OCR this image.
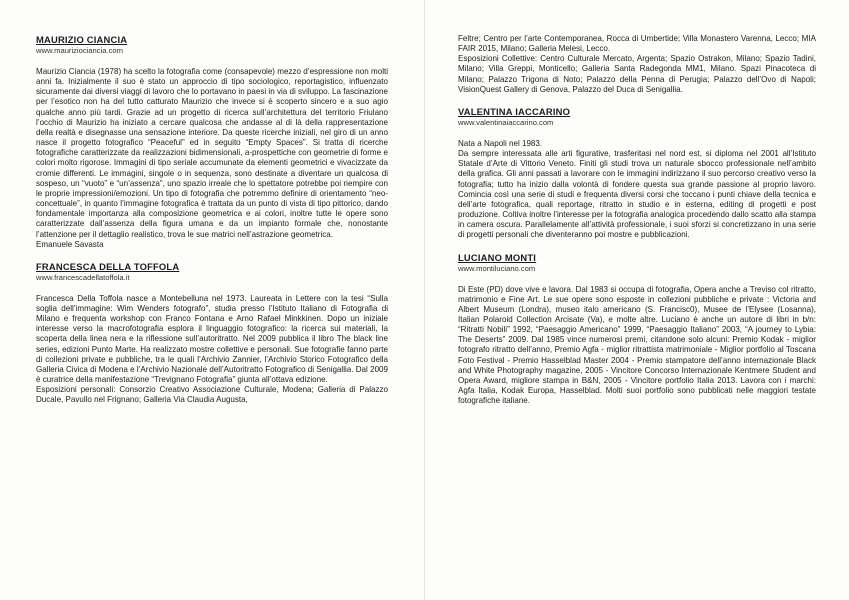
MAURIZIO CIANCIA
www.mauriziociancia.com

Maurizio Ciancia (1978) ha scelto la fotografia come (consapevole) mezzo d’espressione non molti anni fa. Inizialmente il suo è stato un approccio di tipo sociologico, reportagistico, influenzato sicuramente dai diversi viaggi di lavoro che lo portavano in paesi in via di sviluppo. La fascinazione per l’esotico non ha del tutto catturato Maurizio che invece si è scoperto sincero e a suo agio qualche anno più tardi. Grazie ad un progetto di ricerca sull’architettura del territorio Friulano l’occhio di Maurizio ha iniziato a cercare qualcosa che andasse al di là della rappresentazione della realtà e disegnasse una sensazione interiore. Da queste ricerche iniziali, nel giro di un anno nasce il progetto fotografico “Peaceful” ed in seguito “Empty Spaces”. Si tratta di ricerche fotografiche caratterizzate da realizzazioni bidimensionali, a-prospettiche con geometrie di forme e colori molto rigorose. Immagini di tipo seriale accumunate da elementi geometrici e vivacizzate da cromie differenti. Le immagini, singole o in sequenza, sono destinate a diventare un qualcosa di sospeso, un “vuoto” e “un’assenza”, uno spazio irreale che lo spettatore potrebbe poi riempire con le proprie impressioni/emozioni. Un tipo di fotografia che potremmo definire di orientamento “neo-concettuale”, in quanto l’immagine fotografica è trattata da un punto di vista di tipo pittorico, dando fondamentale importanza alla composizione geometrica e ai colori, inoltre tutte le opere sono caratterizzate dall’assenza della figura umana e da un impianto formale che, nonostante l’attenzione per il dettaglio realistico, trova le sue matrici nell’astrazione geometrica.

Emanuele Savasta

FRANCESCA DELLA TOFFOLA
www.francescadellatoffola.it

Francesca Della Toffola nasce a Montebelluna nel 1973. Laureata in Lettere con la tesi “Sulla soglia dell’immagine: Wim Wenders fotografo”, studia presso l’Istituto Italiano di Fotografia di Milano e frequenta workshop con Franco Fontana e Arno Rafael Minkkinen. Dopo un iniziale interesse verso la macrofotografia esplora il linguaggio fotografico: la ricerca sui materiali, la scoperta della linea nera e la riflessione sull’autoritratto. Nel 2009 pubblica il libro The black line series, edizioni Punto Marte. Ha realizzato mostre collettive e personali. Sue fotografie fanno parte di collezioni private e pubbliche, tra le quali l’Archivio Zannier, l’Archivio Storico Fotografico della Galleria Civica di Modena e l’Archivio Nazionale dell’Autoritratto Fotografico di Senigallia. Dal 2009 è curatrice della manifestazione “Trevignano Fotografia” giunta all’ottava edizione.

Esposizioni personali: Consorzio Creativo Associazione Culturale, Modena; Galleria di Palazzo Ducale, Pavullo nel Frignano; Galleria Via Claudia Augusta,

Feltre; Centro per l’arte Contemporanea, Rocca di Umbertide; Villa Monastero Varenna, Lecco; MIA FAIR 2015, Milano; Galleria Melesi, Lecco.

Esposizioni Collettive: Centro Culturale Mercato, Argenta; Spazio Ostrakon, Milano; Spazio Tadini, Milano; Villa Greppi, Monticello; Galleria Santa Radegonda MM1, Milano. Spazi Pinacoteca di Milano; Palazzo Trigona di Noto; Palazzo della Penna di Perugia; Palazzo dell’Ovo di Napoli; VisionQuest Gallery di Genova, Palazzo del Duca di Senigallia.

VALENTINA IACCARINO
www.valentinaiaccarino.com

Nata a Napoli nel 1983.

Da sempre interessata alle arti figurative, trasferitasi nel nord est, si diploma nel 2001 all’Istituto Statale d’Arte di Vittorio Veneto. Finiti gli studi trova un naturale sbocco professionale nell’ambito della grafica. Gli anni passati a lavorare con le immagini indirizzano il suo percorso creativo verso la fotografia; tutto ha inizio dalla volontà di fondere questa sua grande passione al proprio lavoro. Comincia così una serie di studi e frequenta diversi corsi che toccano i punti chiave della tecnica e dell’arte fotografica, quali reportage, ritratto in studio e in esterna, editing di progetti e post produzione. Coltiva inoltre l’interesse per la fotografia analogica procedendo dallo scatto alla stampa in camera oscura. Parallelamente all’attività professionale, i suoi sforzi si concretizzano in una serie di progetti personali che diventeranno poi mostre e pubblicazioni.

LUCIANO MONTI
www.montiluciano.com

Di Este (PD) dove vive e lavora. Dal 1983 si occupa di fotografia, Opera anche a Treviso col ritratto, matrimonio e Fine Art. Le sue opere sono esposte in collezioni pubbliche e private : Victoria and Albert Museum (Londra), museo italo americano (S. Francisc0), Musee de l’Elysee (Losanna), Italian Polaroid Collection Arcisate (Va), e molte altre. Luciano è anche un autore di libri in b/n: “Ritratti Nobili” 1992, “Paesaggio Americano” 1999, “Paesaggio Italiano” 2003, “A journey to Lybia: The Deserts” 2009. Dal 1985 vince numerosi premi, citandone solo alcuni: Premio Kodak - miglior fotografo ritratto dell’anno, Premio Agfa - miglior ritrattista matrimoniale - Miglior portfolio al Toscana Foto Festival - Premio Hasselblad Master 2004 - Premio stampatore dell’anno internazionale Black and White Photography magazine, 2005 - Vincitore Concorso Internazionale Kentmere Student and Opera Award, migliore stampa in B&N, 2005 - Vincitore portfolio Italia 2013. Lavora con i marchi: Agfa Italia, Kodak Europa, Hasselblad. Molti suoi portfolio sono pubblicati nelle maggiori testate fotografiche italiane.
